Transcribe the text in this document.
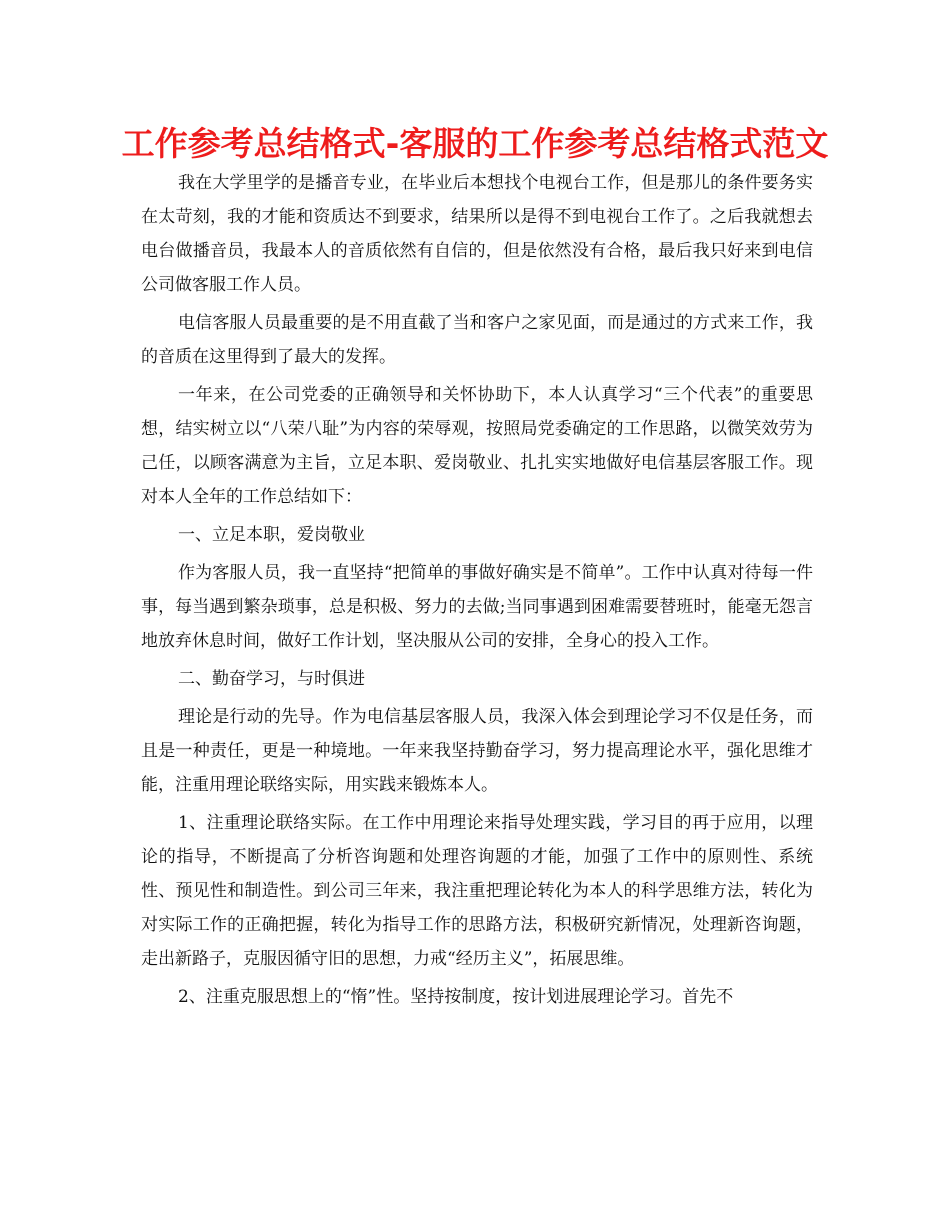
工作参考总结格式-客服的工作参考总结格式范文

我在大学里学的是播音专业，在毕业后本想找个电视台工作，但是那儿的条件要务实在太苛刻，我的才能和资质达不到要求，结果所以是得不到电视台工作了。之后我就想去电台做播音员，我最本人的音质依然有自信的，但是依然没有合格，最后我只好来到电信公司做客服工作人员。

电信客服人员最重要的是不用直截了当和客户之家见面，而是通过的方式来工作，我的音质在这里得到了最大的发挥。

一年来，在公司党委的正确领导和关怀协助下，本人认真学习“三个代表”的重要思想，结实树立以“八荣八耻”为内容的荣辱观，按照局党委确定的工作思路，以微笑效劳为己任，以顾客满意为主旨，立足本职、爱岗敬业、扎扎实实地做好电信基层客服工作。现对本人全年的工作总结如下：

一、立足本职，爱岗敬业

作为客服人员，我一直坚持“把简单的事做好确实是不简单”。工作中认真对待每一件事，每当遇到繁杂琐事，总是积极、努力的去做;当同事遇到困难需要替班时，能毫无怨言地放弃休息时间，做好工作计划，坚决服从公司的安排，全身心的投入工作。

二、勤奋学习，与时俱进

理论是行动的先导。作为电信基层客服人员，我深入体会到理论学习不仅是任务，而且是一种责任，更是一种境地。一年来我坚持勤奋学习，努力提高理论水平，强化思维才能，注重用理论联络实际，用实践来锻炼本人。

1、注重理论联络实际。在工作中用理论来指导处理实践，学习目的再于应用，以理论的指导，不断提高了分析咨询题和处理咨询题的才能，加强了工作中的原则性、系统性、预见性和制造性。到公司三年来，我注重把理论转化为本人的科学思维方法，转化为对实际工作的正确把握，转化为指导工作的思路方法，积极研究新情况，处理新咨询题，走出新路子，克服因循守旧的思想，力戒“经历主义”，拓展思维。

2、注重克服思想上的“惰”性。坚持按制度，按计划进展理论学习。首先不
